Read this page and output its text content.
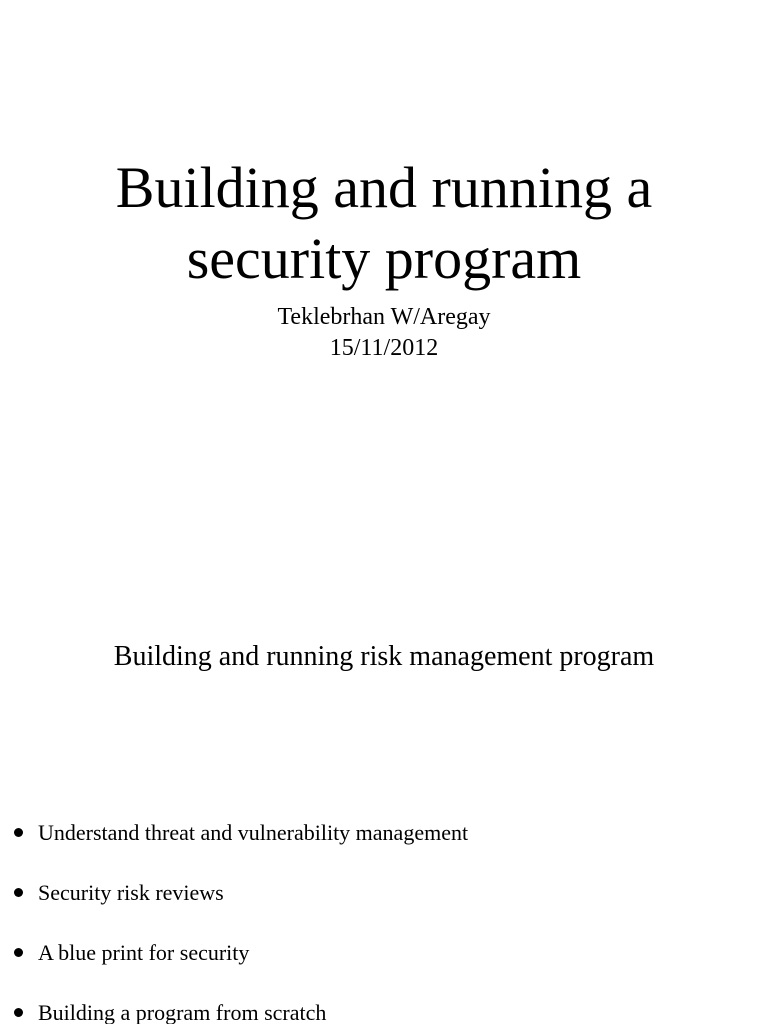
Building and running a
security program
Teklebrhan W/Aregay
15/11/2012
Building and running risk management program
Understand threat and vulnerability management
Security risk reviews
A blue print for security
Building a program from scratch
